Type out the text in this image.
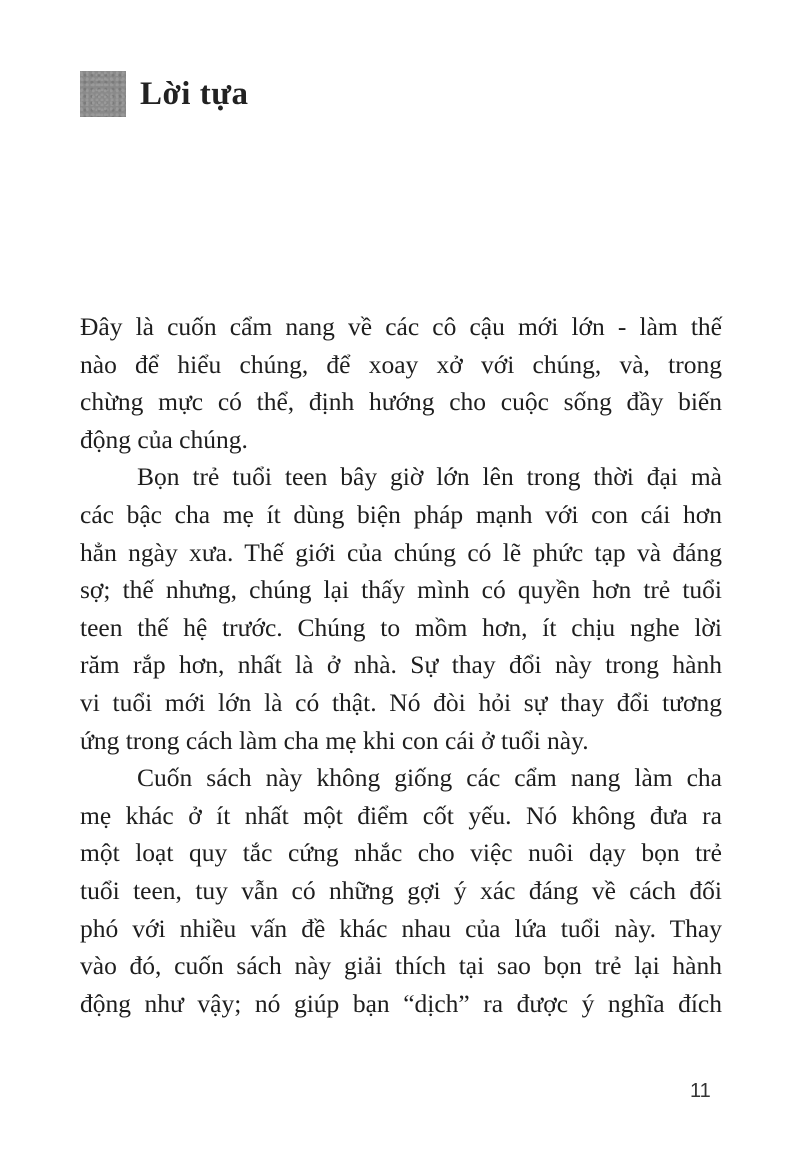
Lời tựa
Đây là cuốn cẩm nang về các cô cậu mới lớn - làm thế
nào để hiểu chúng, để xoay xở với chúng, và, trong
chừng mực có thể, định hướng cho cuộc sống đầy biến
động của chúng.
Bọn trẻ tuổi teen bây giờ lớn lên trong thời đại mà
các bậc cha mẹ ít dùng biện pháp mạnh với con cái hơn
hẳn ngày xưa. Thế giới của chúng có lẽ phức tạp và đáng
sợ; thế nhưng, chúng lại thấy mình có quyền hơn trẻ tuổi
teen thế hệ trước. Chúng to mồm hơn, ít chịu nghe lời
răm rắp hơn, nhất là ở nhà. Sự thay đổi này trong hành
vi tuổi mới lớn là có thật. Nó đòi hỏi sự thay đổi tương
ứng trong cách làm cha mẹ khi con cái ở tuổi này.
Cuốn sách này không giống các cẩm nang làm cha
mẹ khác ở ít nhất một điểm cốt yếu. Nó không đưa ra
một loạt quy tắc cứng nhắc cho việc nuôi dạy bọn trẻ
tuổi teen, tuy vẫn có những gợi ý xác đáng về cách đối
phó với nhiều vấn đề khác nhau của lứa tuổi này. Thay
vào đó, cuốn sách này giải thích tại sao bọn trẻ lại hành
động như vậy; nó giúp bạn “dịch” ra được ý nghĩa đích
11
